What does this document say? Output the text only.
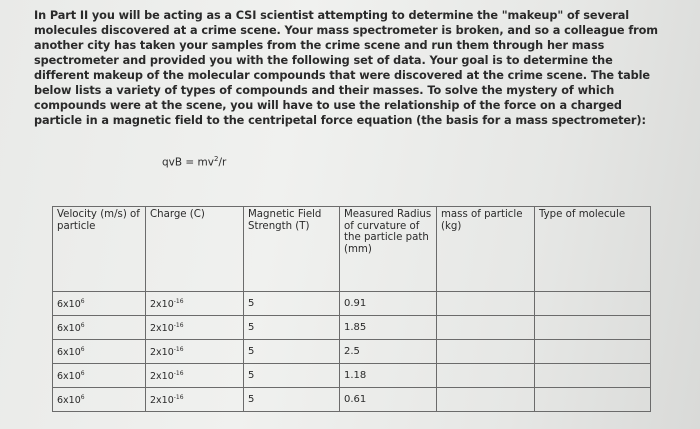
In Part II you will be acting as a CSI scientist attempting to determine the "makeup" of several molecules discovered at a crime scene. Your mass spectrometer is broken, and so a colleague from another city has taken your samples from the crime scene and run them through her mass spectrometer and provided you with the following set of data. Your goal is to determine the different makeup of the molecular compounds that were discovered at the crime scene. The table below lists a variety of types of compounds and their masses. To solve the mystery of which compounds were at the scene, you will have to use the relationship of the force on a charged particle in a magnetic field to the centripetal force equation (the basis for a mass spectrometer):
qvB = $mv^2/r$
Velocity (m/s) of particle	Charge (C)	Magnetic Field Strength (T)	Measured Radius of curvature of the particle path (mm)	mass of particle (kg)	Type of molecule
$6x10^6$	$2x10^{-16}$	5	0.91		
$6x10^6$	$2x10^{-16}$	5	1.85		
$6x10^6$	$2x10^{-16}$	5	2.5		
$6x10^6$	$2x10^{-16}$	5	1.18		
$6x10^6$	$2x10^{-16}$	5	0.61		
